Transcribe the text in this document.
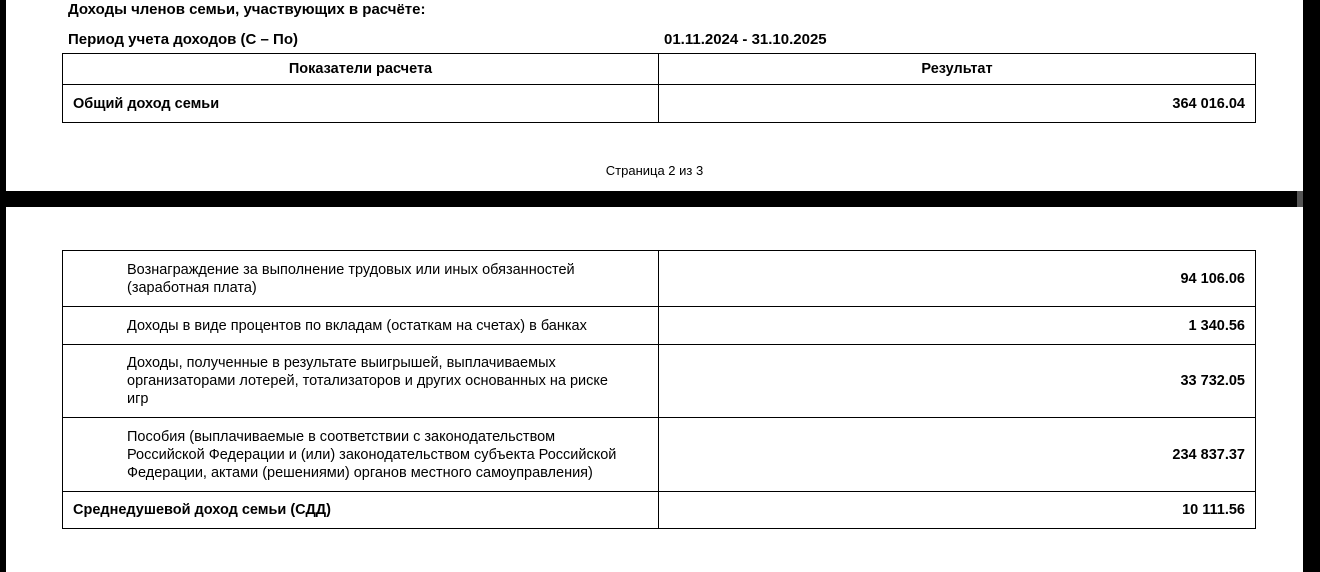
Доходы членов семьи, участвующих в расчёте:
Период учета доходов (С – По)	01.11.2024 - 31.10.2025
Показатели расчета	Результат
Общий доход семьи	364 016.04
Страница 2 из 3
Вознаграждение за выполнение трудовых или иных обязанностей
(заработная плата)	94 106.06

Доходы в виде процентов по вкладам (остаткам на счетах) в банках	1 340.56

Доходы, полученные в результате выигрышей, выплачиваемых
организаторами лотерей, тотализаторов и других основанных на риске
игр	33 732.05

Пособия (выплачиваемые в соответствии с законодательством
Российской Федерации и (или) законодательством субъекта Российской
Федерации, актами (решениями) органов местного самоуправления)	234 837.37
Среднедушевой доход семьи (СДД)	10 111.56
